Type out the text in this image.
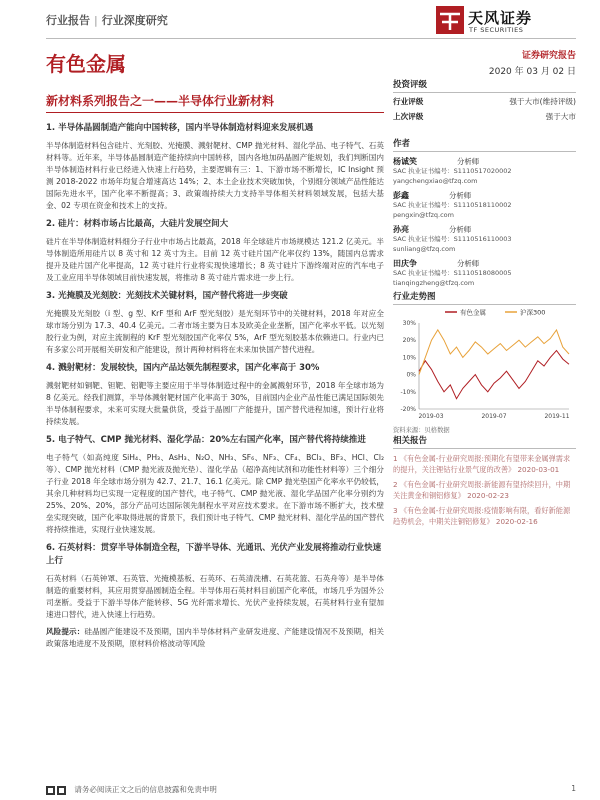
行业报告 | 行业深度研究	天风证券
TF SECURITIES
有色金属	证券研究报告
2020 年 03 月 02 日
新材料系列报告之一——半导体行业新材料
1. 半导体晶圆制造产能向中国转移，国内半导体制造材料迎来发展机遇
半导体制造材料包含硅片、光刻胶、光掩膜、溅射靶材、CMP 抛光材料、湿化学品、电子特气、石英材料等。近年来，半导体晶圆制造产能持续向中国转移，国内各地加码晶圆产能规划，我们判断国内半导体制造材料行业已经进入快速上行趋势，主要逻辑有三：1、下游市场不断增长，IC Insight 预测 2018-2022 市场年均复合增速高达 14%；2、本土企业技术突破加快，个别细分领域产品性能达国际先进水平，国产化率不断提高；3、政策端持续大力支持半导体相关材料领域发展，包括大基金、02 专项在资金和技术上的支持。
2. 硅片：材料市场占比最高，大硅片发展空间大
硅片在半导体制造材料细分子行业中市场占比最高，2018 年全球硅片市场规模达 121.2 亿美元。半导体制造所用硅片以 8 英寸和 12 英寸为主。目前 12 英寸硅片国产化率仅约 13%，随国内总需求提升及硅片国产化率提高，12 英寸硅片行业将实现快速增长；8 英寸硅片下游终端对应的汽车电子及工业应用半导体领域目前快速发展，将推动 8 英寸硅片需求进一步上行。
3. 光掩膜及光刻胶：光刻技术关键材料，国产替代将进一步突破
光掩膜及光刻胶（i 型、g 型、KrF 型和 ArF 型光刻胶）是光刻环节中的关键材料，2018 年对应全球市场分别为 17.3、40.4 亿美元。二者市场主要为日本及欧美企业垄断，国产化率水平低。以光刻胶行业为例，对应主流制程的 KrF 型光刻胶国产化率仅 5%，ArF 型光刻胶基本依赖进口。行业内已有多家公司开展相关研发和产能建设，预计两种材料将在未来加快国产替代进程。
4. 溅射靶材：发展较快，国内产品达领先制程要求，国产化率高于 30%
溅射靶材如铜靶、钽靶、铝靶等主要应用于半导体制造过程中的金属溅射环节，2018 年全球市场为 8 亿美元。经我们测算，半导体溅射靶材国产化率高于 30%，目前国内企业产品性能已满足国际领先半导体制程要求，未来可实现大批量供货，受益于晶圆厂产能提升，国产替代进程加速，预计行业将持续发展。
5. 电子特气、CMP 抛光材料、湿化学品：20%左右国产化率，国产替代将持续推进
电子特气（如高纯度 SiH₄、PH₃、AsH₃、N₂O、NH₃、SF₆、NF₃、CF₄、BCl₃、BF₃、HCl、Cl₂等）、CMP 抛光材料（CMP 抛光液及抛光垫）、湿化学品（超净高纯试剂和功能性材料等）三个细分子行业 2018 年全球市场分别为 42.7、21.7、16.1 亿美元。除 CMP 抛光垫国产化率水平仍较低，其余几种材料均已实现一定程度的国产替代，电子特气、CMP 抛光液、湿化学品国产化率分别约为 25%、20%、20%，部分产品可达国际领先制程水平对应技术要求。在下游市场不断扩大，技术壁垒实现突破，国产化率取得进展的背景下，我们预计电子特气、CMP 抛光材料、湿化学品的国产替代将持续推进，实现行业快速发展。
6. 石英材料：贯穿半导体制造全程，下游半导体、光通讯、光伏产业发展将推动行业快速上行
石英材料（石英钟罩、石英管、光掩模基板、石英环、石英清洗槽、石英花篮、石英舟等）是半导体制造的重要材料，其应用贯穿晶圆制造全程。半导体用石英材料目前国产化率低，市场几乎为国外公司垄断。受益于下游半导体产能转移、5G 光纤需求增长、光伏产业持续发展，石英材料行业有望加速进口替代，进入快速上行趋势。
风险提示：硅晶圆产能建设不及预期，国内半导体材料产业研发进度、产能建设情况不及预期，相关政策落地进度不及预期，原材料价格波动等风险
投资评级
行业评级	强于大市(维持评级)
上次评级	强于大市
作者
杨诚笑	分析师
SAC 执业证书编号：S1110517020002
yangchengxiao@tfzq.com
彭鑫	分析师
SAC 执业证书编号：S1110518110002
pengxin@tfzq.com
孙亮	分析师
SAC 执业证书编号：S1110516110003
sunliang@tfzq.com
田庆争	分析师
SAC 执业证书编号：S1110518080005
tianqingzheng@tfzq.com
行业走势图
30%
20%
10%
0%
-10%
-20%
2019-03	2019-07	2019-11
有色金属	沪深300
资料来源：贝格数据
相关报告
1 《有色金属-行业研究周报:预期化有望带来金属弹需求的提升，关注锂钴行业景气度的改善》 2020-03-01
2 《有色金属-行业研究周报:新能源有望持续回升，中期关注黄金和铜铝修复》 2020-02-23
3 《有色金属-行业研究周报:疫情影响有限，看好新能源趋势机会，中期关注铜铝修复》 2020-02-16
请务必阅读正文之后的信息披露和免责申明	1
